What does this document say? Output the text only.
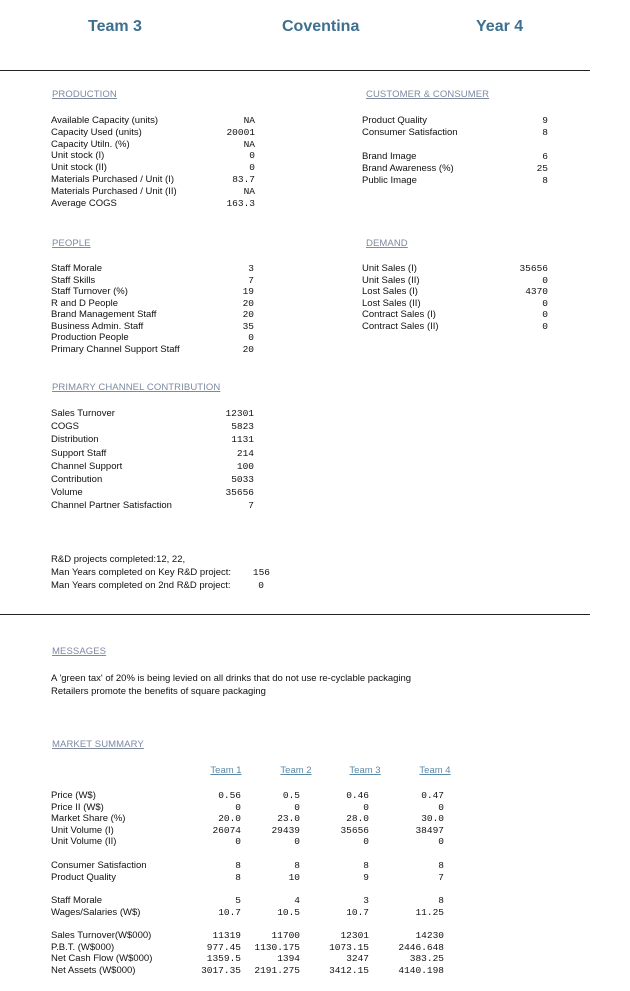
Team 3	Coventina	Year 4
PRODUCTION
Available Capacity (units)	NA
Capacity Used (units)	20001
Capacity Utiln. (%)	NA
Unit stock (I)	0
Unit stock (II)	0
Materials Purchased / Unit (I)	83.7
Materials Purchased / Unit (II)	NA
Average COGS	163.3
CUSTOMER & CONSUMER
Product Quality	9
Consumer Satisfaction	8
Brand Image	6
Brand Awareness (%)	25
Public Image	8
PEOPLE
Staff Morale	3
Staff Skills	7
Staff Turnover (%)	19
R and D People	20
Brand Management Staff	20
Business Admin. Staff	35
Production People	0
Primary Channel Support Staff	20
DEMAND
Unit Sales (I)	35656
Unit Sales (II)	0
Lost Sales (I)	4370
Lost Sales (II)	0
Contract Sales (I)	0
Contract Sales (II)	0
PRIMARY CHANNEL CONTRIBUTION
Sales Turnover	12301
COGS	5823
Distribution	1131
Support Staff	214
Channel Support	100
Contribution	5033
Volume	35656
Channel Partner Satisfaction	7
R&D projects completed:12, 22,
Man Years completed on Key R&D project:	156
Man Years completed on 2nd R&D project:	0
MESSAGES
A 'green tax' of 20% is being levied on all drinks that do not use re-cyclable packaging
Retailers promote the benefits of square packaging
MARKET SUMMARY
Team 1	Team 2	Team 3	Team 4
Price (W$)	0.56	0.5	0.46	0.47
Price II (W$)	0	0	0	0
Market Share (%)	20.0	23.0	28.0	30.0
Unit Volume (I)	26074	29439	35656	38497
Unit Volume (II)	0	0	0	0
Consumer Satisfaction	8	8	8	8
Product Quality	8	10	9	7
Staff Morale	5	4	3	8
Wages/Salaries (W$)	10.7	10.5	10.7	11.25
Sales Turnover(W$000)	11319	11700	12301	14230
P.B.T. (W$000)	977.45	1130.175	1073.15	2446.648
Net Cash Flow (W$000)	1359.5	1394	3247	383.25
Net Assets (W$000)	3017.35	2191.275	3412.15	4140.198
